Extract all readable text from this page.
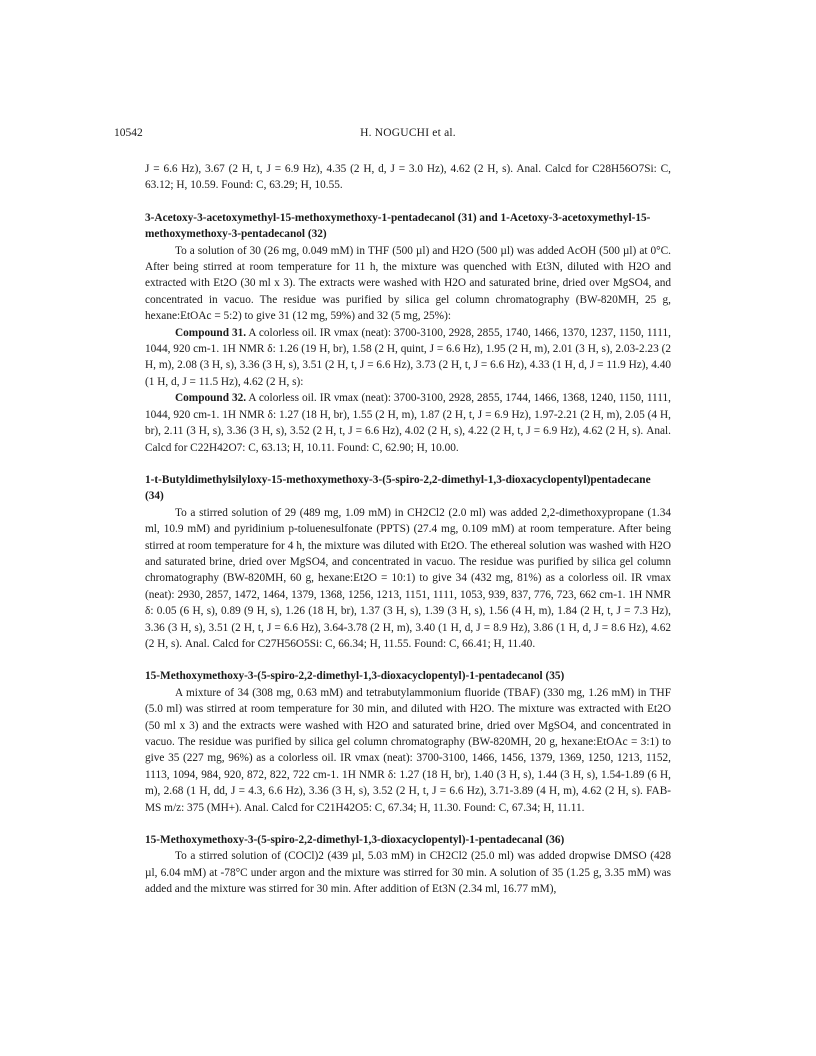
10542	H. NOGUCHI et al.

J = 6.6 Hz), 3.67 (2 H, t, J = 6.9 Hz), 4.35 (2 H, d, J = 3.0 Hz), 4.62 (2 H, s). Anal. Calcd for C28H56O7Si: C, 63.12; H, 10.59. Found: C, 63.29; H, 10.55.

3-Acetoxy-3-acetoxymethyl-15-methoxymethoxy-1-pentadecanol (31) and 1-Acetoxy-3-acetoxymethyl-15-methoxymethoxy-3-pentadecanol (32)

To a solution of 30 (26 mg, 0.049 mM) in THF (500 µl) and H2O (500 µl) was added AcOH (500 µl) at 0°C. After being stirred at room temperature for 11 h, the mixture was quenched with Et3N, diluted with H2O and extracted with Et2O (30 ml x 3). The extracts were washed with H2O and saturated brine, dried over MgSO4, and concentrated in vacuo. The residue was purified by silica gel column chromatography (BW-820MH, 25 g, hexane:EtOAc = 5:2) to give 31 (12 mg, 59%) and 32 (5 mg, 25%):

Compound 31. A colorless oil. IR νmax (neat): 3700-3100, 2928, 2855, 1740, 1466, 1370, 1237, 1150, 1111, 1044, 920 cm-1. 1H NMR δ: 1.26 (19 H, br), 1.58 (2 H, quint, J = 6.6 Hz), 1.95 (2 H, m), 2.01 (3 H, s), 2.03-2.23 (2 H, m), 2.08 (3 H, s), 3.36 (3 H, s), 3.51 (2 H, t, J = 6.6 Hz), 3.73 (2 H, t, J = 6.6 Hz), 4.33 (1 H, d, J = 11.9 Hz), 4.40 (1 H, d, J = 11.5 Hz), 4.62 (2 H, s):

Compound 32. A colorless oil. IR νmax (neat): 3700-3100, 2928, 2855, 1744, 1466, 1368, 1240, 1150, 1111, 1044, 920 cm-1. 1H NMR δ: 1.27 (18 H, br), 1.55 (2 H, m), 1.87 (2 H, t, J = 6.9 Hz), 1.97-2.21 (2 H, m), 2.05 (4 H, br), 2.11 (3 H, s), 3.36 (3 H, s), 3.52 (2 H, t, J = 6.6 Hz), 4.02 (2 H, s), 4.22 (2 H, t, J = 6.9 Hz), 4.62 (2 H, s). Anal. Calcd for C22H42O7: C, 63.13; H, 10.11. Found: C, 62.90; H, 10.00.

1-t-Butyldimethylsilyloxy-15-methoxymethoxy-3-(5-spiro-2,2-dimethyl-1,3-dioxacyclopentyl)pentadecane (34)

To a stirred solution of 29 (489 mg, 1.09 mM) in CH2Cl2 (2.0 ml) was added 2,2-dimethoxypropane (1.34 ml, 10.9 mM) and pyridinium p-toluenesulfonate (PPTS) (27.4 mg, 0.109 mM) at room temperature. After being stirred at room temperature for 4 h, the mixture was diluted with Et2O. The ethereal solution was washed with H2O and saturated brine, dried over MgSO4, and concentrated in vacuo. The residue was purified by silica gel column chromatography (BW-820MH, 60 g, hexane:Et2O = 10:1) to give 34 (432 mg, 81%) as a colorless oil. IR νmax (neat): 2930, 2857, 1472, 1464, 1379, 1368, 1256, 1213, 1151, 1111, 1053, 939, 837, 776, 723, 662 cm-1. 1H NMR δ: 0.05 (6 H, s), 0.89 (9 H, s), 1.26 (18 H, br), 1.37 (3 H, s), 1.39 (3 H, s), 1.56 (4 H, m), 1.84 (2 H, t, J = 7.3 Hz), 3.36 (3 H, s), 3.51 (2 H, t, J = 6.6 Hz), 3.64-3.78 (2 H, m), 3.40 (1 H, d, J = 8.9 Hz), 3.86 (1 H, d, J = 8.6 Hz), 4.62 (2 H, s). Anal. Calcd for C27H56O5Si: C, 66.34; H, 11.55. Found: C, 66.41; H, 11.40.

15-Methoxymethoxy-3-(5-spiro-2,2-dimethyl-1,3-dioxacyclopentyl)-1-pentadecanol (35)

A mixture of 34 (308 mg, 0.63 mM) and tetrabutylammonium fluoride (TBAF) (330 mg, 1.26 mM) in THF (5.0 ml) was stirred at room temperature for 30 min, and diluted with H2O. The mixture was extracted with Et2O (50 ml x 3) and the extracts were washed with H2O and saturated brine, dried over MgSO4, and concentrated in vacuo. The residue was purified by silica gel column chromatography (BW-820MH, 20 g, hexane:EtOAc = 3:1) to give 35 (227 mg, 96%) as a colorless oil. IR νmax (neat): 3700-3100, 1466, 1456, 1379, 1369, 1250, 1213, 1152, 1113, 1094, 984, 920, 872, 822, 722 cm-1. 1H NMR δ: 1.27 (18 H, br), 1.40 (3 H, s), 1.44 (3 H, s), 1.54-1.89 (6 H, m), 2.68 (1 H, dd, J = 4.3, 6.6 Hz), 3.36 (3 H, s), 3.52 (2 H, t, J = 6.6 Hz), 3.71-3.89 (4 H, m), 4.62 (2 H, s). FAB-MS m/z: 375 (MH+). Anal. Calcd for C21H42O5: C, 67.34; H, 11.30. Found: C, 67.34; H, 11.11.

15-Methoxymethoxy-3-(5-spiro-2,2-dimethyl-1,3-dioxacyclopentyl)-1-pentadecanal (36)

To a stirred solution of (COCl)2 (439 µl, 5.03 mM) in CH2Cl2 (25.0 ml) was added dropwise DMSO (428 µl, 6.04 mM) at -78°C under argon and the mixture was stirred for 30 min. A solution of 35 (1.25 g, 3.35 mM) was added and the mixture was stirred for 30 min. After addition of Et3N (2.34 ml, 16.77 mM),
